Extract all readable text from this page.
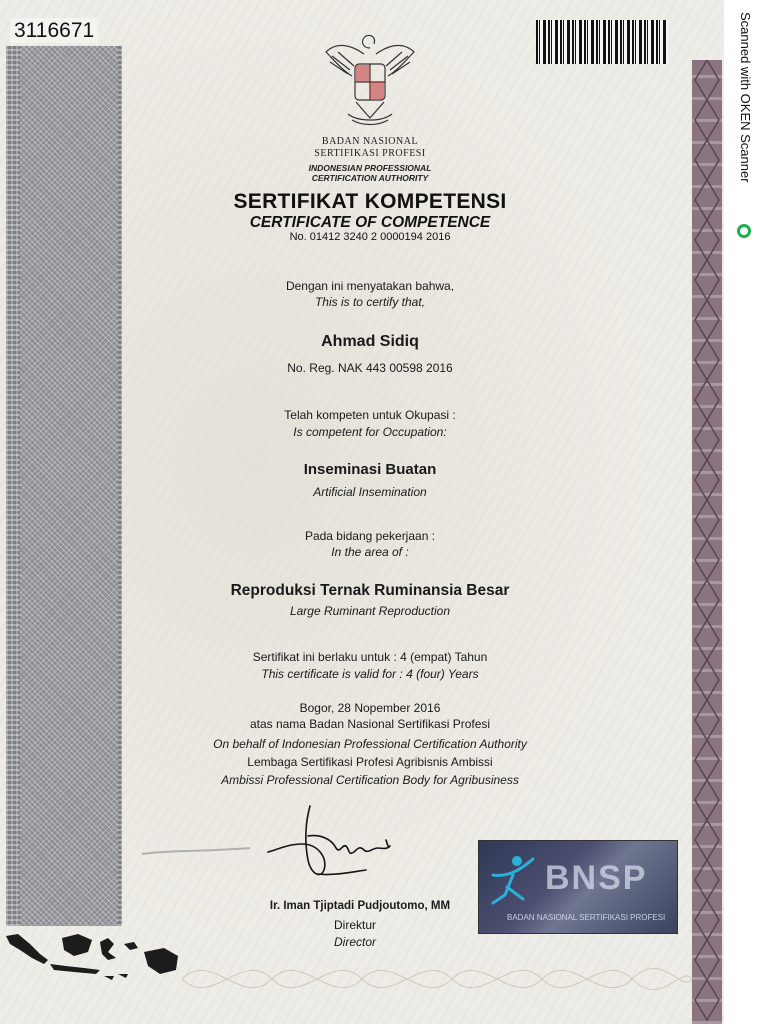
3116671	Scanned with OKEN Scanner
BADAN NASIONAL
SERTIFIKASI PROFESI
INDONESIAN PROFESSIONAL
CERTIFICATION AUTHORITY
SERTIFIKAT KOMPETENSI
CERTIFICATE OF COMPETENCE
No. 01412 3240 2 0000194 2016
Dengan ini menyatakan bahwa,
This is to certify that,
Ahmad Sidiq
No. Reg. NAK 443 00598 2016
Telah kompeten untuk Okupasi :
Is competent for Occupation:
Inseminasi Buatan
Artificial Insemination
Pada bidang pekerjaan :
In the area of :
Reproduksi Ternak Ruminansia Besar
Large Ruminant Reproduction
Sertifikat ini berlaku untuk : 4 (empat) Tahun
This certificate is valid for : 4 (four) Years
Bogor, 28 Nopember 2016
atas nama Badan Nasional Sertifikasi Profesi
On behalf of Indonesian Professional Certification Authority
Lembaga Sertifikasi Profesi Agribisnis Ambissi
Ambissi Professional Certification Body for Agribusiness
Ir. Iman Tjiptadi Pudjoutomo, MM
Direktur
Director
BNSP
BADAN NASIONAL SERTIFIKASI PROFESI
